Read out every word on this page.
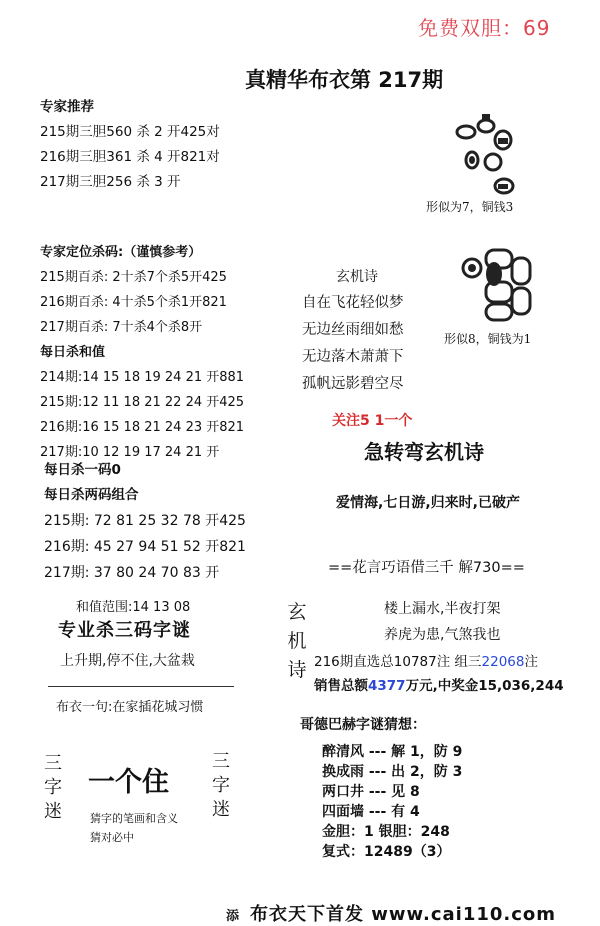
免费双胆：69
真精华布衣第 217期
专家推荐
215期三胆560 杀 2 开425对
216期三胆361 杀 4 开821对
217期三胆256 杀 3 开
专家定位杀码:（谨慎参考）
215期百杀: 2十杀7个杀5开425
216期百杀: 4十杀5个杀1开821
217期百杀: 7十杀4个杀8开
每日杀和值
214期:14 15 18 19 24 21 开881
215期:12 11 18 21 22 24 开425
216期:16 15 18 21 24 23 开821
217期:10 12 19 17 24 21 开
每日杀一码0
每日杀两码组合
215期: 72 81 25 32 78 开425
216期: 45 27 94 51 52 开821
217期: 37 80 24 70 83 开
和值范围:14 13 08
专业杀三码字谜
上升期,停不住,大盆栽
布衣一句:在家插花城习惯
三字迷
一个住
三字迷
猜字的笔画和含义
猜对必中
形似为7，铜钱3
形似8，铜钱为1
玄机诗
自在飞花轻似梦
无边丝雨细如愁
无边落木萧萧下
孤帆远影碧空尽
关注5 1一个
急转弯玄机诗
爱情海,七日游,归来时,已破产
==花言巧语借三千 解730==
玄机诗
楼上漏水,半夜打架
养虎为患,气煞我也
216期直选总10787注 组三22068注
销售总额4377万元,中奖金15,036,244
哥德巴赫字谜猜想：
醉清风 --- 解 1，防 9
换成雨 --- 出 2，防 3
两口井 --- 见 8
四面墙 --- 有 4
金胆：1 银胆：248
复式：12489（3）
添 布衣天下首发 www.cai110.com
